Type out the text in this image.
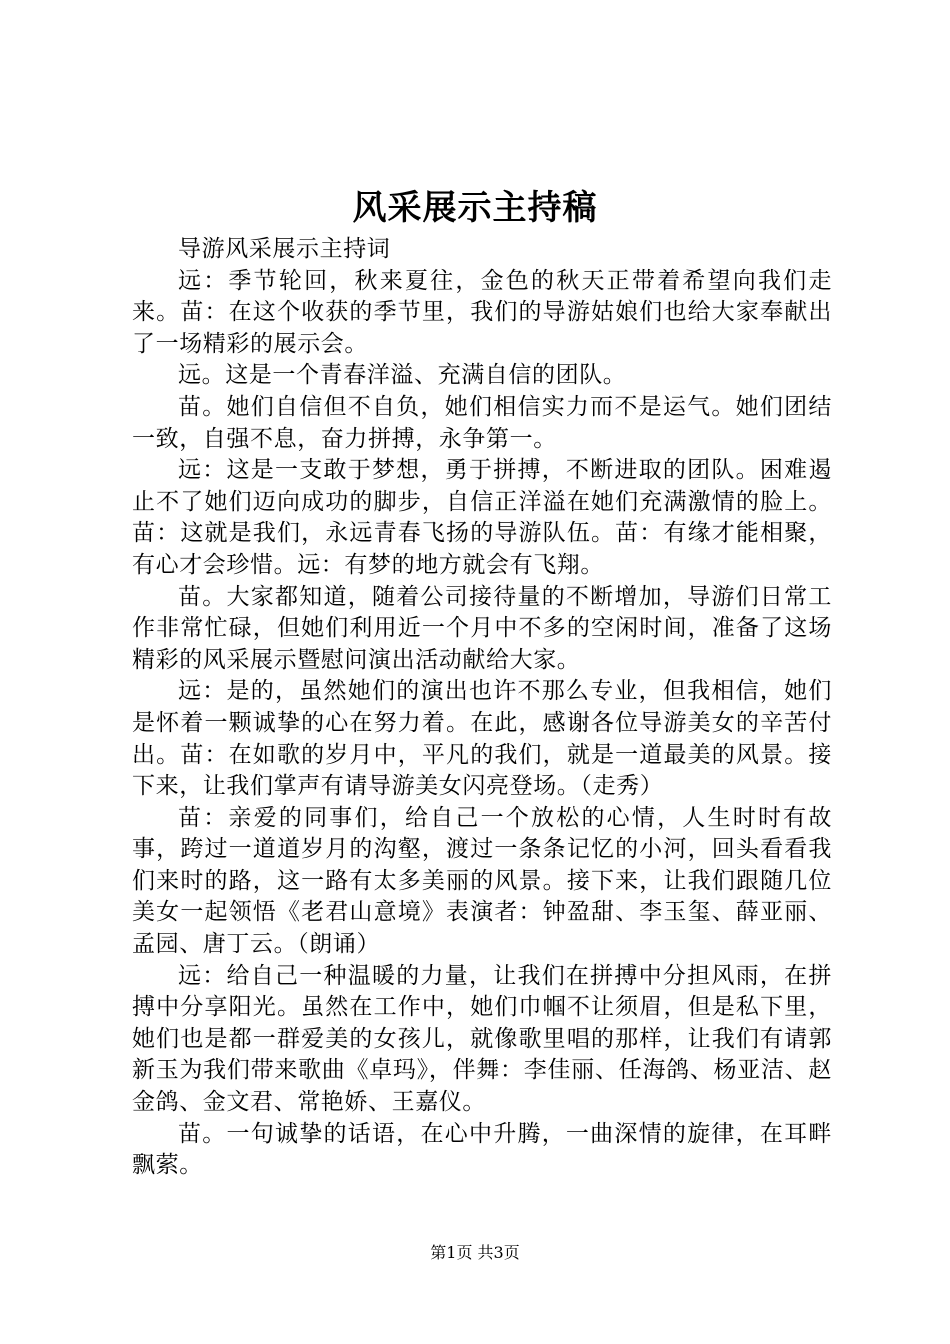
风采展示主持稿

导游风采展示主持词

远：季节轮回，秋来夏往，金色的秋天正带着希望向我们走来。苗：在这个收获的季节里，我们的导游姑娘们也给大家奉献出了一场精彩的展示会。

远。这是一个青春洋溢、充满自信的团队。

苗。她们自信但不自负，她们相信实力而不是运气。她们团结一致，自强不息，奋力拼搏，永争第一。

远：这是一支敢于梦想，勇于拼搏，不断进取的团队。困难遏止不了她们迈向成功的脚步，自信正洋溢在她们充满激情的脸上。苗：这就是我们，永远青春飞扬的导游队伍。苗：有缘才能相聚，有心才会珍惜。远：有梦的地方就会有飞翔。

苗。大家都知道，随着公司接待量的不断增加，导游们日常工作非常忙碌，但她们利用近一个月中不多的空闲时间，准备了这场精彩的风采展示暨慰问演出活动献给大家。

远：是的，虽然她们的演出也许不那么专业，但我相信，她们是怀着一颗诚挚的心在努力着。在此，感谢各位导游美女的辛苦付出。苗：在如歌的岁月中，平凡的我们，就是一道最美的风景。接下来，让我们掌声有请导游美女闪亮登场。（走秀）

苗：亲爱的同事们，给自己一个放松的心情，人生时时有故事，跨过一道道岁月的沟壑，渡过一条条记忆的小河，回头看看我们来时的路，这一路有太多美丽的风景。接下来，让我们跟随几位美女一起领悟《老君山意境》表演者：钟盈甜、李玉玺、薛亚丽、孟园、唐丁云。（朗诵）

远：给自己一种温暖的力量，让我们在拼搏中分担风雨，在拼搏中分享阳光。虽然在工作中，她们巾帼不让须眉，但是私下里，她们也是都一群爱美的女孩儿，就像歌里唱的那样，让我们有请郭新玉为我们带来歌曲《卓玛》，伴舞：李佳丽、任海鸽、杨亚洁、赵金鸽、金文君、常艳娇、王嘉仪。

苗。一句诚挚的话语，在心中升腾，一曲深情的旋律，在耳畔飘萦。

第1页 共3页
